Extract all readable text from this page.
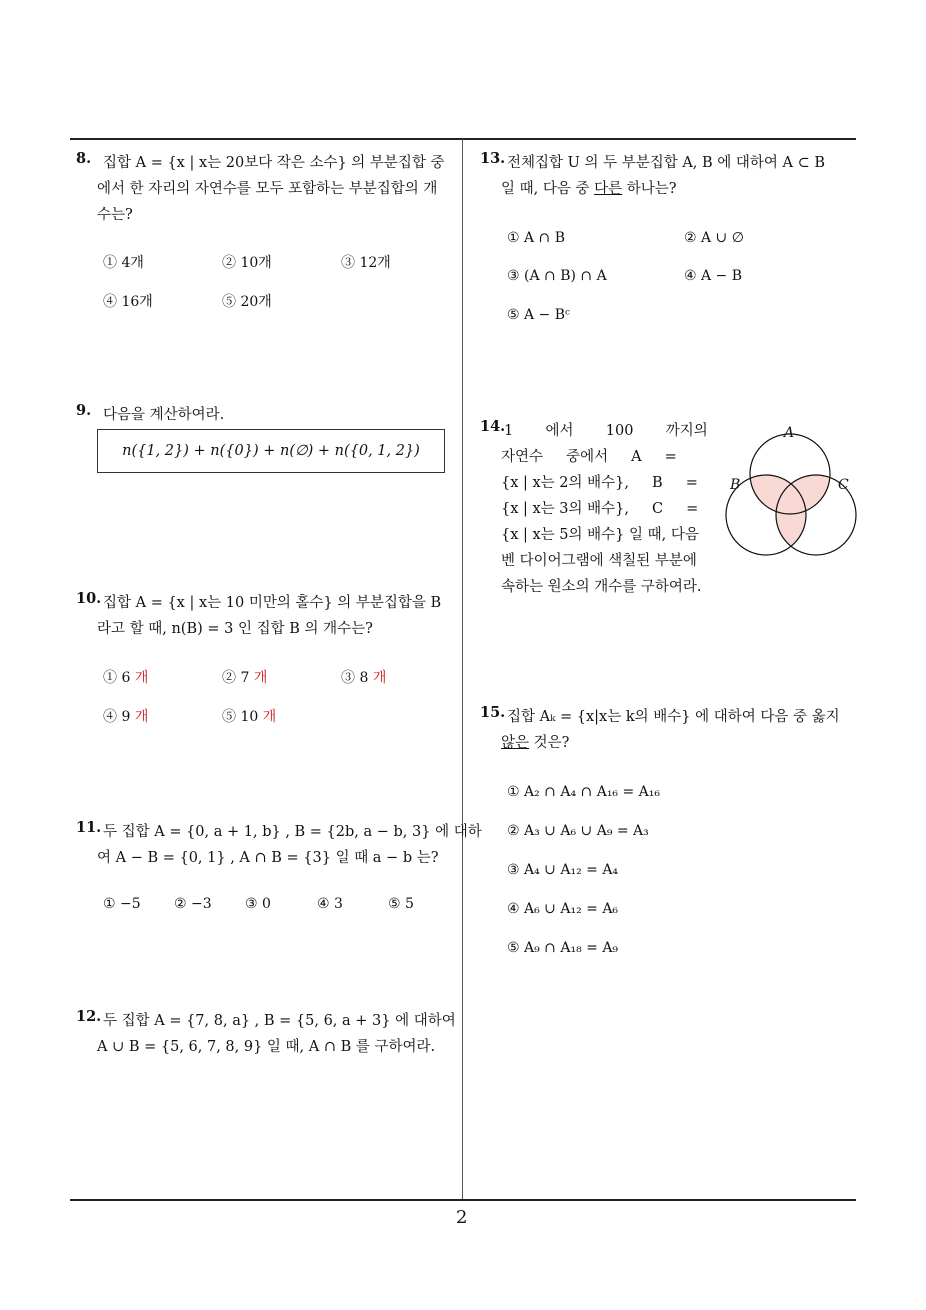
2
8. 집합 A = {x | x는 20보다 작은 소수} 의 부분집합 중
에서 한 자리의 자연수를 모두 포함하는 부분집합의 개
수는?
① 4개	② 10개	③ 12개
④ 16개	⑤ 20개
9. 다음을 계산하여라.
n({1, 2}) + n({0}) + n(∅) + n({0, 1, 2})
10. 집합 A = {x | x는 10 미만의 홀수} 의 부분집합을 B
라고 할 때, n(B) = 3 인 집합 B 의 개수는?
① 6 개	② 7 개	③ 8 개
④ 9 개	⑤ 10 개
11. 두 집합 A = {0, a + 1, b} , B = {2b, a − b, 3} 에 대하
여 A − B = {0, 1} , A ∩ B = {3} 일 때 a − b 는?
① −5 ② −3 ③ 0	④ 3	⑤ 5
12. 두 집합 A = {7, 8, a} , B = {5, 6, a + 3} 에 대하여
A ∪ B = {5, 6, 7, 8, 9} 일 때, A ∩ B 를 구하여라.
13. 전체집합 U 의 두 부분집합 A, B 에 대하여 A ⊂ B
일 때, 다음 중 다른 하나는?
① A ∩ B	② A ∪ ∅
③ (A ∩ B) ∩ A	④ A − B
⑤ A − Bᶜ
14.
1       에서       100       까지의
자연수     중에서     A     =
{x | x는 2의 배수},     B     =
{x | x는 3의 배수},     C     =
{x | x는 5의 배수} 일 때, 다음
벤 다이어그램에 색칠된 부분에
속하는 원소의 개수를 구하여라.
A
B	C
15. 집합 Aₖ = {x|x는 k의 배수} 에 대하여 다음 중 옳지
않은 것은?
① A₂ ∩ A₄ ∩ A₁₆ = A₁₆
② A₃ ∪ A₆ ∪ A₉ = A₃
③ A₄ ∪ A₁₂ = A₄
④ A₆ ∪ A₁₂ = A₆
⑤ A₉ ∩ A₁₈ = A₉
